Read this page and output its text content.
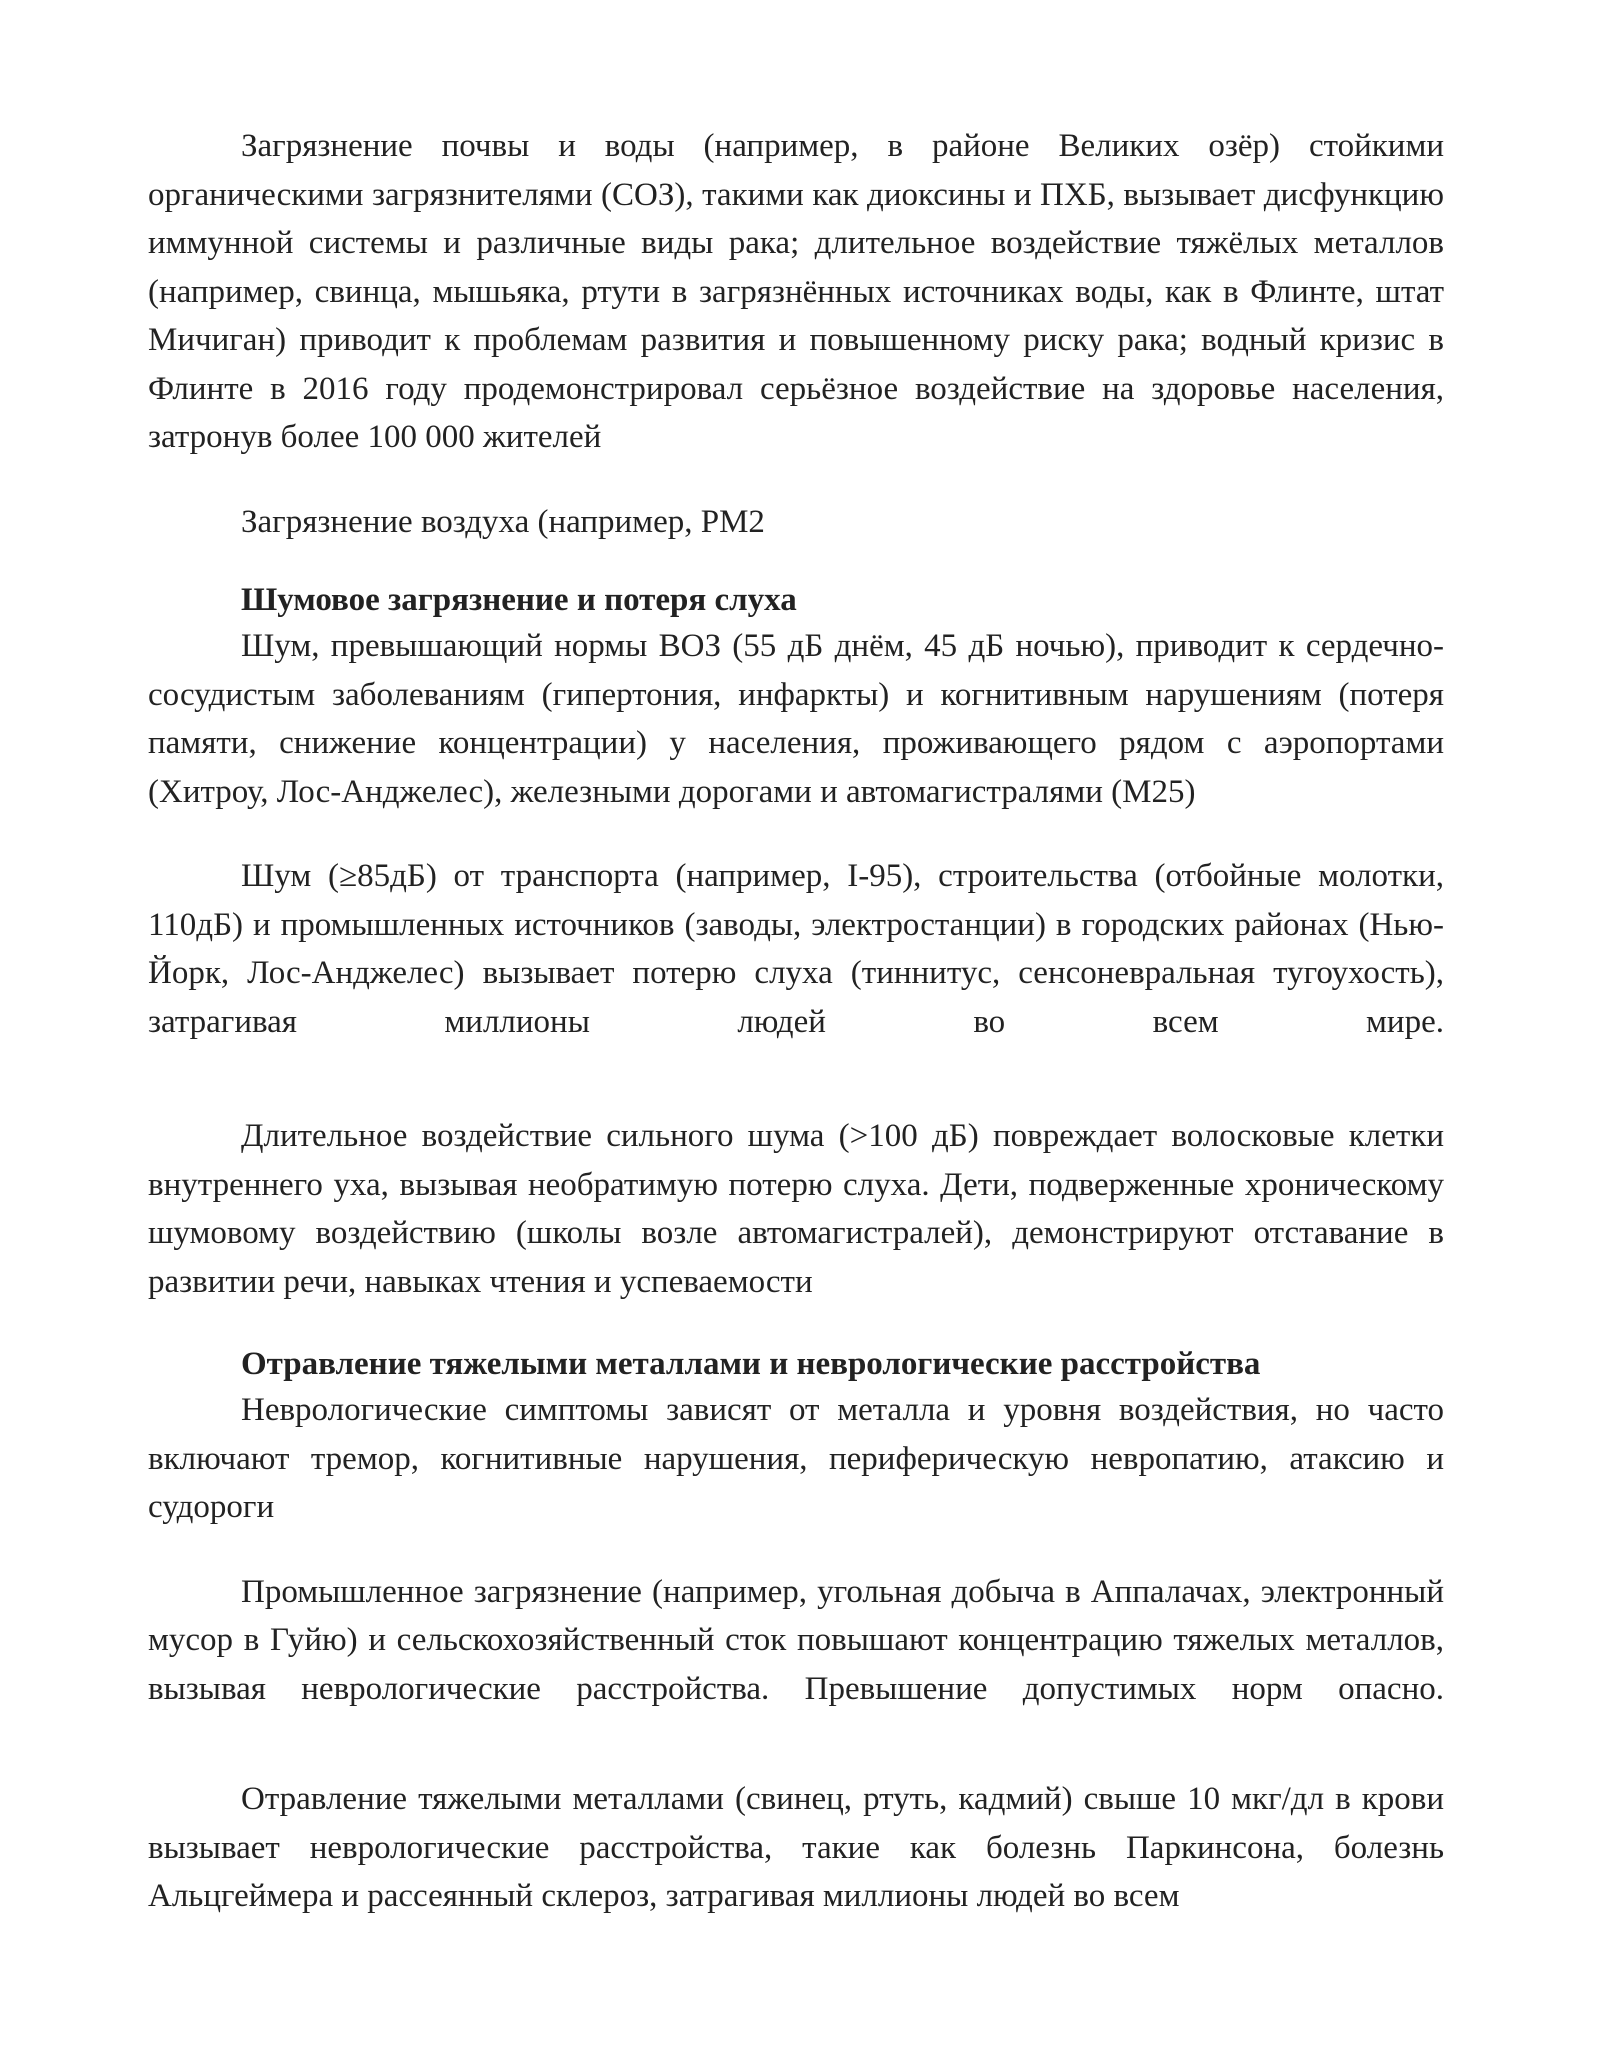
Загрязнение почвы и воды (например, в районе Великих озёр) стойкими органическими загрязнителями (СОЗ), такими как диоксины и ПХБ, вызывает дисфункцию иммунной системы и различные виды рака; длительное воздействие тяжёлых металлов (например, свинца, мышьяка, ртути в загрязнённых источниках воды, как в Флинте, штат Мичиган) приводит к проблемам развития и повышенному риску рака; водный кризис в Флинте в 2016 году продемонстрировал серьёзное воздействие на здоровье населения, затронув более 100 000 жителей

Загрязнение воздуха (например, PM2

Шумовое загрязнение и потеря слуха

Шум, превышающий нормы ВОЗ (55 дБ днём, 45 дБ ночью), приводит к сердечно-сосудистым заболеваниям (гипертония, инфаркты) и когнитивным нарушениям (потеря памяти, снижение концентрации) у населения, проживающего рядом с аэропортами (Хитроу, Лос-Анджелес), железными дорогами и автомагистралями (M25)

Шум (≥85дБ) от транспорта (например, I-95), строительства (отбойные молотки, 110дБ) и промышленных источников (заводы, электростанции) в городских районах (Нью-Йорк, Лос-Анджелес) вызывает потерю слуха (тиннитус, сенсоневральная тугоухость), затрагивая миллионы людей во всем мире.

Длительное воздействие сильного шума (>100 дБ) повреждает волосковые клетки внутреннего уха, вызывая необратимую потерю слуха. Дети, подверженные хроническому шумовому воздействию (школы возле автомагистралей), демонстрируют отставание в развитии речи, навыках чтения и успеваемости

Отравление тяжелыми металлами и неврологические расстройства

Неврологические симптомы зависят от металла и уровня воздействия, но часто включают тремор, когнитивные нарушения, периферическую невропатию, атаксию и судороги

Промышленное загрязнение (например, угольная добыча в Аппалачах, электронный мусор в Гуйю) и сельскохозяйственный сток повышают концентрацию тяжелых металлов, вызывая неврологические расстройства. Превышение допустимых норм опасно.

Отравление тяжелыми металлами (свинец, ртуть, кадмий) свыше 10 мкг/дл в крови вызывает неврологические расстройства, такие как болезнь Паркинсона, болезнь Альцгеймера и рассеянный склероз, затрагивая миллионы людей во всем
